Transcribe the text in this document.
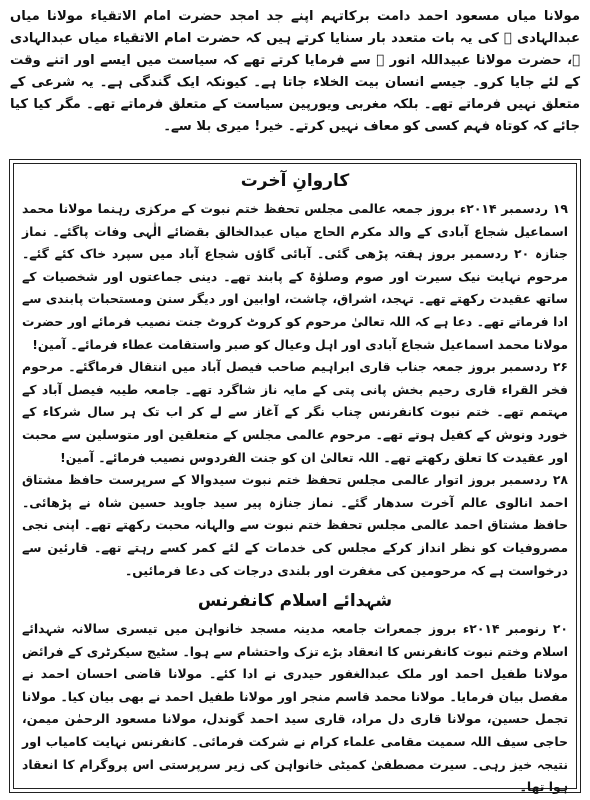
مولانا میاں مسعود احمد دامت برکاتہم اپنے جد امجد حضرت امام الاتقیاء مولانا میاں عبدالہادی ﷫ کی یہ بات متعدد بار سنایا کرتے ہیں کہ حضرت امام الاتقیاء میاں عبدالہادی ﷫، حضرت مولانا عبیداللہ انور ﷫ سے فرمایا کرتے تھے کہ سیاست میں ایسے اور اتنے وقت کے لئے جایا کرو۔ جیسے انسان بیت الخلاء جاتا ہے۔ کیونکہ ایک گندگی ہے۔ یہ شرعی کے متعلق نہیں فرماتے تھے۔ بلکہ مغربی ویورپین سیاست کے متعلق فرماتے تھے۔ مگر کیا کیا جائے کہ کوتاہ فہم کسی کو معاف نہیں کرتے۔ خیر! میری بلا سے۔

کاروانِ آخرت

۱۹ ردسمبر ۲۰۱۴ء بروز جمعہ عالمی مجلس تحفظ ختم نبوت کے مرکزی رہنما مولانا محمد اسماعیل شجاع آبادی کے والد مکرم الحاج میاں عبدالخالق بقضائے الٰہی وفات پاگئے۔ نماز جنازہ ۲۰ ردسمبر بروز ہفتہ پڑھی گئی۔ آبائی گاؤں شجاع آباد میں سپرد خاک کئے گئے۔ مرحوم نہایت نیک سیرت اور صوم وصلوٰۃ کے پابند تھے۔ دینی جماعتوں اور شخصیات کے ساتھ عقیدت رکھتے تھے۔ تہجد، اشراق، چاشت، اوابین اور دیگر سنن ومستحبات پابندی سے ادا فرماتے تھے۔ دعا ہے کہ اللہ تعالیٰ مرحوم کو کروٹ کروٹ جنت نصیب فرمائے اور حضرت مولانا محمد اسماعیل شجاع آبادی اور اہل وعیال کو صبر واستقامت عطاء فرمائے۔ آمین!

۲۶ ردسمبر بروز جمعہ جناب قاری ابراہیم صاحب فیصل آباد میں انتقال فرماگئے۔ مرحوم فخر القراء قاری رحیم بخش پانی پتی کے مایہ ناز شاگرد تھے۔ جامعہ طیبہ فیصل آباد کے مہتمم تھے۔ ختم نبوت کانفرنس چناب نگر کے آغاز سے لے کر اب تک ہر سال شرکاء کے خورد ونوش کے کفیل ہوتے تھے۔ مرحوم عالمی مجلس کے متعلقین اور متوسلین سے محبت اور عقیدت کا تعلق رکھتے تھے۔ اللہ تعالیٰ ان کو جنت الفردوس نصیب فرمائے۔ آمین!

۲۸ ردسمبر بروز اتوار عالمی مجلس تحفظ ختم نبوت سیدوالا کے سرپرست حافظ مشتاق احمد انالوی عالم آخرت سدھار گئے۔ نماز جنازہ پیر سید جاوید حسین شاہ نے پڑھائی۔ حافظ مشتاق احمد عالمی مجلس تحفظ ختم نبوت سے والہانہ محبت رکھتے تھے۔ اپنی نجی مصروفیات کو نظر انداز کرکے مجلس کی خدمات کے لئے کمر کسے رہتے تھے۔ قارئین سے درخواست ہے کہ مرحومین کی مغفرت اور بلندی درجات کی دعا فرمائیں۔

شہدائے اسلام کانفرنس

۲۰ رنومبر ۲۰۱۴ء بروز جمعرات جامعہ مدینہ مسجد خانواہن میں تیسری سالانہ شہدائے اسلام وختم نبوت کانفرنس کا انعقاد بڑے تزک واحتشام سے ہوا۔ سٹیج سیکرٹری کے فرائض مولانا طفیل احمد اور ملک عبدالغفور حیدری نے ادا کئے۔ مولانا قاضی احسان احمد نے مفصل بیان فرمایا۔ مولانا محمد قاسم منجر اور مولانا طفیل احمد نے بھی بیان کیا۔ مولانا تجمل حسین، مولانا قاری دل مراد، قاری سید احمد گوندل، مولانا مسعود الرحمٰن میمن، حاجی سیف اللہ سمیت مقامی علماء کرام نے شرکت فرمائی۔ کانفرنس نہایت کامیاب اور نتیجہ خیز رہی۔ سیرت مصطفیٰ کمیٹی خانواہن کی زیر سرپرستی اس پروگرام کا انعقاد ہوا تھا۔
